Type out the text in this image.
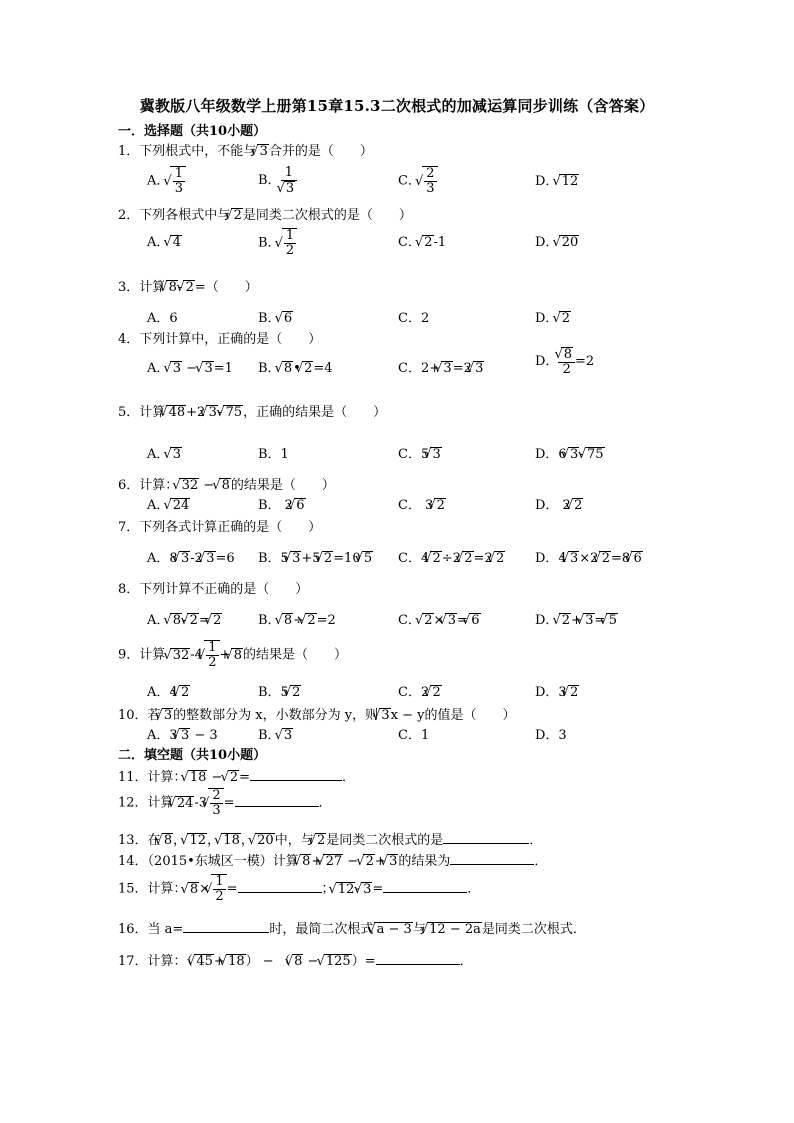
冀教版八年级数学上册第15章15.3二次根式的加减运算同步训练（含答案）
一．选择题（共10小题）
1．下列根式中，不能与 √ 3合并的是（　　）
A． √ $\frac{1}{3}$	B． 1
√ 3	C． √ $\frac{2}{3}$	D． √ 12
2．下列各根式中与 √ 2是同类二次根式的是（　　）
A． √ 4	B． √ $\frac{1}{2}$	C． √ 2-1	D． √ 20
3．计算 √ 8- √ 2=（　　）
A．6	B． √ 6	C．2	D． √ 2
4．下列计算中，正确的是（　　）
A． √ 3 − √ 3=1 B． √ 8• √ 2=4	C．2+ √ 3=2 √ 3	D． √ $\frac{8}{2} =2$
5．计算 √ 48+2 √ 3- √ 75，正确的结果是（　　）
A． √ 3	B．1	C．5 √ 3	D．6 √ 3- √ 75
6．计算： √ 32 − √ 8的结果是（　　）
A． √ 24	B． 2 √ 6	C． 3 √ 2	D． 2 √ 2
7．下列各式计算正确的是（　　）
A．8 √ 3-2 √ 3=6 B．5 √ 3+5 √ 2=10 √ 5 C．4 √ 2÷2 √ 2=2 √ 2 D．4 √ 3×2 √ 2=8 √ 6
8．下列计算不正确的是（　　）
A． √ 8- √ 2= √ 2	B． √ 8÷ √ 2=2	C． √ 2× √ 3= √ 6	D． √ 2+ √ 3= √ 5
9．计算 √ 32-4 √ $\frac{1}{2}$ + √ 8的结果是（　　）
A．4 √ 2	B．5 √ 2	C．2 √ 2	D．3 √ 2
10．若 √ 3的整数部分为 x，小数部分为 y，则 √ 3x − y的值是（　　）
A．3 √ 3 − 3	B． √ 3	C．1	D．3
二．填空题（共10小题）
11．计算： √ 18 − √ 2=	．
12．计算 √ 24-3 √ $\frac{2}{3}$ =	．
13．在 √ 8， √ 12， √ 18， √ 20中，与 √ 2是同类二次根式的是	．
14．（2015•东城区一模）计算 √ 8+ √ 27 − √ 2+ √ 3的结果为	．
15．计算： √ 8× √ $\frac{1}{2}$ =	； √ 12- √ 3=	．
16．当 a=	时，最简二次根式 √ a − 3与 √ 12 − 2a是同类二次根式．
17．计算：（ √ 45+ √ 18） − （ √ 8 − √ 125）=	．
